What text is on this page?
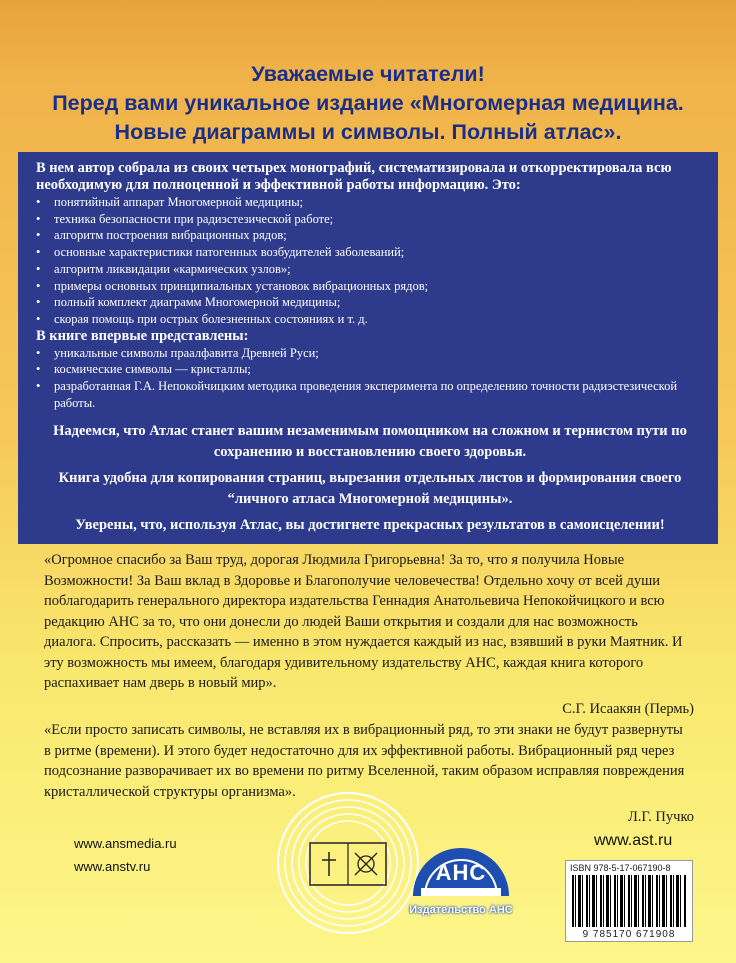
Уважаемые читатели!
Перед вами уникальное издание «Многомерная медицина.
Новые диаграммы и символы. Полный атлас».
В нем автор собрала из своих четырех монографий, систематизировала и откорректировала всю необходимую для полноценной и эффективной работы информацию. Это:
• понятийный аппарат Многомерной медицины;
• техника безопасности при радиэстезической работе;
• алгоритм построения вибрационных рядов;
• основные характеристики патогенных возбудителей заболеваний;
• алгоритм ликвидации «кармических узлов»;
• примеры основных принципиальных установок вибрационных рядов;
• полный комплект диаграмм Многомерной медицины;
• скорая помощь при острых болезненных состояниях и т. д.
В книге впервые представлены:
• уникальные символы праалфавита Древней Руси;
• космические символы — кристаллы;
• разработанная Г.А. Непокойчицким методика проведения эксперимента по определению точности радиэстезической работы.

Надеемся, что Атлас станет вашим незаменимым помощником на сложном и тернистом пути по сохранению и восстановлению своего здоровья.

Книга удобна для копирования страниц, вырезания отдельных листов и формирования своего “личного атласа Многомерной медицины».

Уверены, что, используя Атлас, вы достигнете прекрасных результатов в самоисцелении!

«Огромное спасибо за Ваш труд, дорогая Людмила Григорьевна! За то, что я получила Новые Возможности! За Ваш вклад в Здоровье и Благополучие человечества! Отдельно хочу от всей души поблагодарить генерального директора издательства Геннадия Анатольевича Непокойчицкого и всю редакцию АНС за то, что они донесли до людей Ваши открытия и создали для нас возможность диалога. Спросить, рассказать — именно в этом нуждается каждый из нас, взявший в руки Маятник. И эту возможность мы имеем, благодаря удивительному издательству АНС, каждая книга которого распахивает нам дверь в новый мир».
С.Г. Исаакян (Пермь)
«Если просто записать символы, не вставляя их в вибрационный ряд, то эти знаки не будут развернуты в ритме (времени). И этого будет недостаточно для их эффективной работы. Вибрационный ряд через подсознание разворачивает их во времени по ритму Вселенной, таким образом исправляя повреждения кристаллической структуры организма».
Л.Г. Пучко
www.ansmedia.ru
www.anstv.ru
www.ast.ru
АНС
Издательство АНС
ISBN 978-5-17-067190-8
9 785170 671908
